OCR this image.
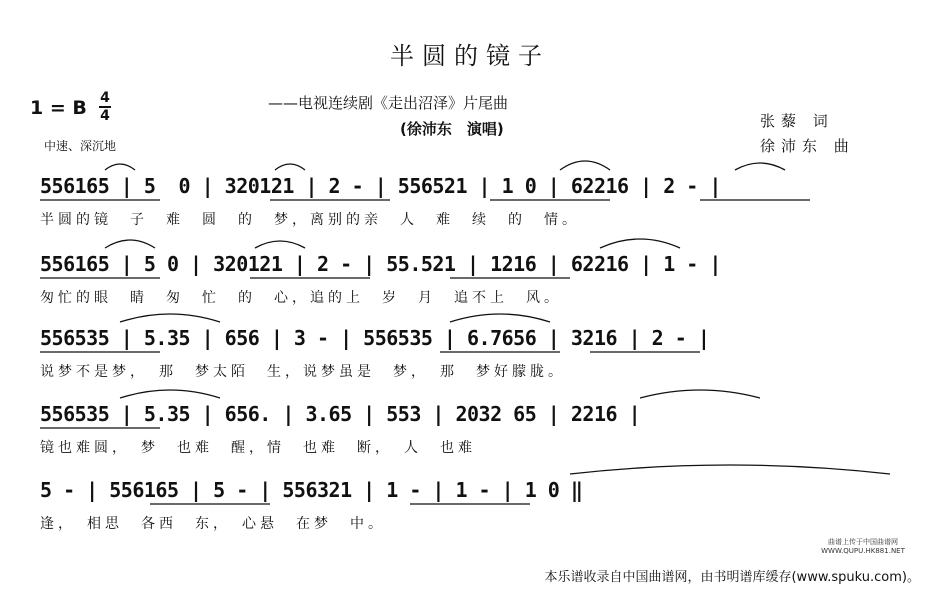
半圆的镜子
——电视连续剧《走出沼泽》片尾曲
(徐沛东　演唱)
1 = B 4
4
中速、深沉地
张藜 词
徐沛东 曲
556165 | 5  0 | 320121 | 2 - | 556521 | 1 0 | 62216 | 2 - |
半圆的镜　子　难　圆　的　梦，离别的亲　人　难　续　的　情。
556165 | 5 0 | 320121 | 2 - | 55.521 | 1216 | 62216 | 1 - |
匆忙的眼　睛　匆　忙　的　心，追的上　岁　月　追不上　风。
556535 | 5.35 | 656 | 3 - | 556535 | 6.7656 | 3216 | 2 - |
说梦不是梦，　那　梦太陌　生，说梦虽是　梦，　那　梦好朦胧。
556535 | 5.35 | 656. | 3.65 | 553 | 2032 65 | 2216 |
镜也难圆，　梦　也难　醒，情　也难　断，　人　也难
5 - | 556165 | 5 - | 556321 | 1 - | 1 - | 1 0 ‖
逢，　相思　各西　东，　心悬　在梦　中。
曲谱上传于中国曲谱网 WWW.QUPU.HK881.NET
本乐谱收录自中国曲谱网，由书明谱库缓存(www.spuku.com)。
